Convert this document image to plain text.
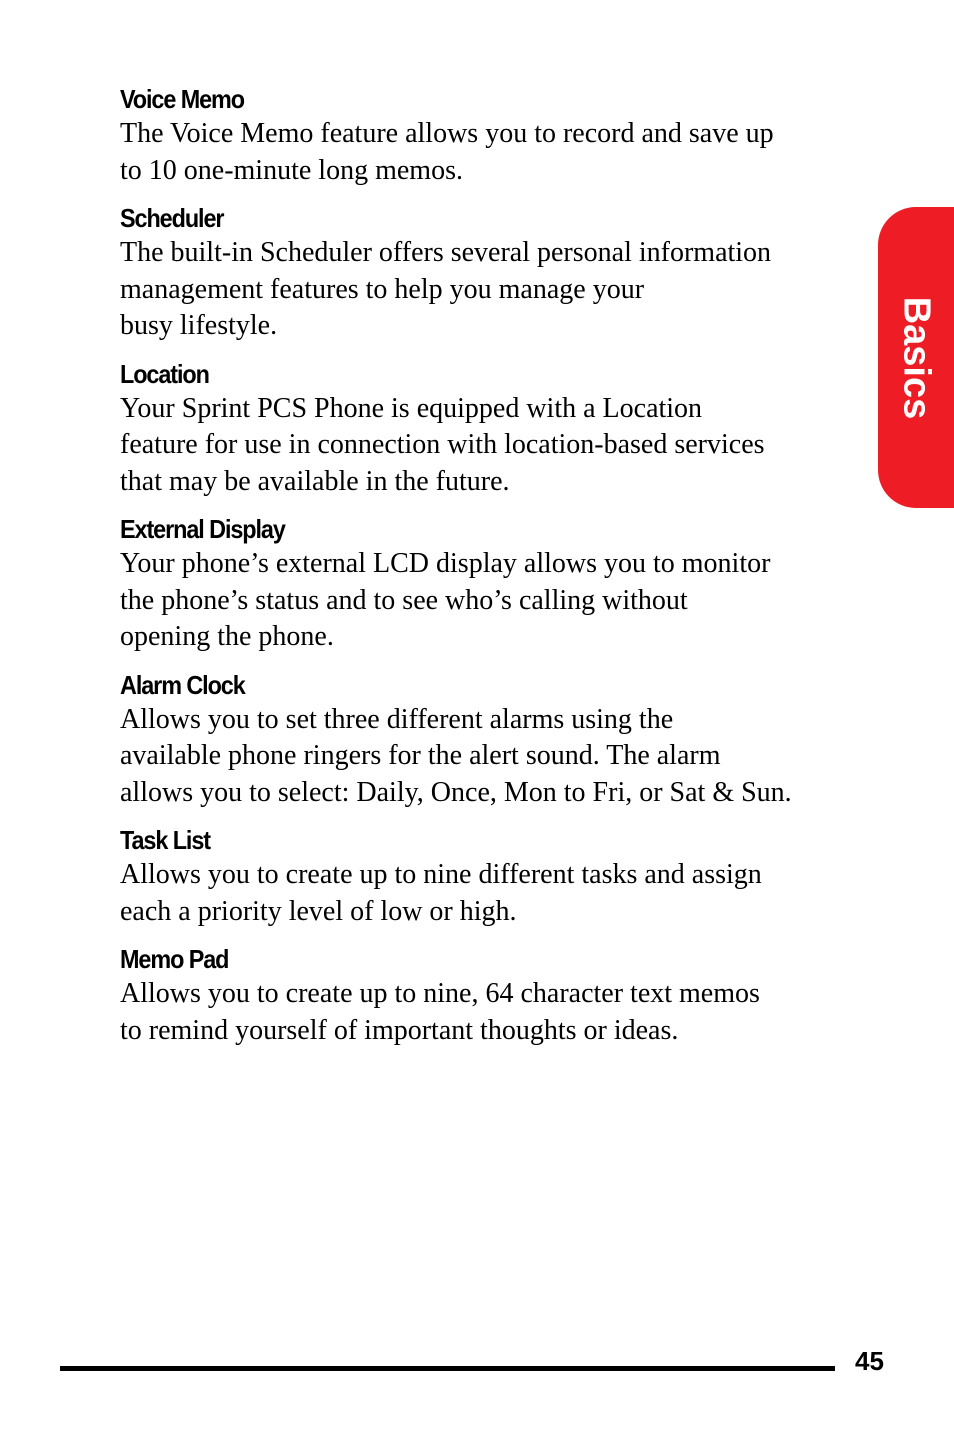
Voice Memo
The Voice Memo feature allows you to record and save up
to 10 one-minute long memos.
Scheduler
The built-in Scheduler offers several personal information
management features to help you manage your
busy lifestyle.
Location
Your Sprint PCS Phone is equipped with a Location
feature for use in connection with location-based services
that may be available in the future.
External Display
Your phone’s external LCD display allows you to monitor
the phone’s status and to see who’s calling without
opening the phone.
Alarm Clock
Allows you to set three different alarms using the
available phone ringers for the alert sound. The alarm
allows you to select: Daily, Once, Mon to Fri, or Sat & Sun.
Task List
Allows you to create up to nine different tasks and assign
each a priority level of low or high.
Memo Pad
Allows you to create up to nine, 64 character text memos
to remind yourself of important thoughts or ideas.
Basics
45
